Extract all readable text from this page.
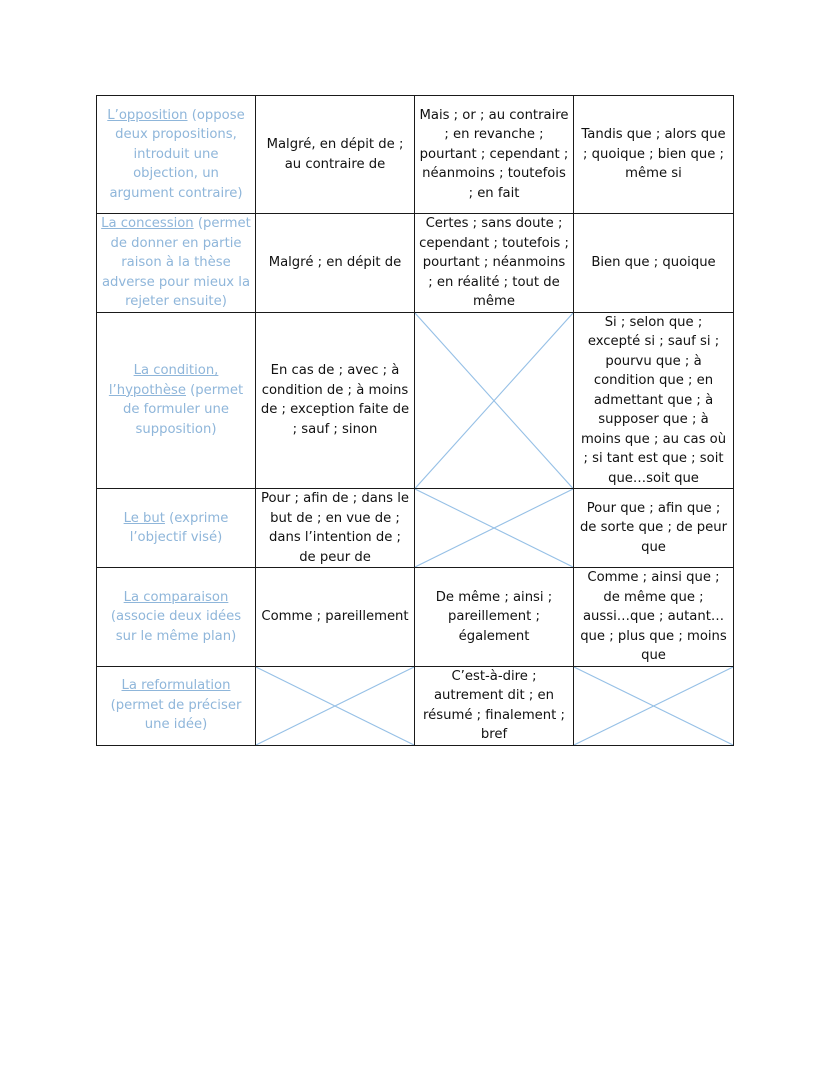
L’opposition (oppose deux propositions, introduit une objection, un argument contraire)	Malgré, en dépit de ; au contraire de	Mais ; or ; au contraire ; en revanche ; pourtant ; cependant ; néanmoins ; toutefois ; en fait	Tandis que ; alors que ; quoique ; bien que ; même si
La concession (permet de donner en partie raison à la thèse adverse pour mieux la rejeter ensuite)	Malgré ; en dépit de	Certes ; sans doute ; cependant ; toutefois ; pourtant ; néanmoins ; en réalité ; tout de même	Bien que ; quoique
La condition, l’hypothèse (permet de formuler une supposition)	En cas de ; avec ; à condition de ; à moins de ; exception faite de ; sauf ; sinon		Si ; selon que ; excepté si ; sauf si ; pourvu que ; à condition que ; en admettant que ; à supposer que ; à moins que ; au cas où ; si tant est que ; soit que…soit que
Le but (exprime l’objectif visé)	Pour ; afin de ; dans le but de ; en vue de ; dans l’intention de ; de peur de		Pour que ; afin que ; de sorte que ; de peur que
La comparaison (associe deux idées sur le même plan)	Comme ; pareillement	De même ; ainsi ; pareillement ; également	Comme ; ainsi que ; de même que ; aussi…que ; autant…que ; plus que ; moins que
La reformulation (permet de préciser une idée)		C’est-à-dire ; autrement dit ; en résumé ; finalement ; bref	
